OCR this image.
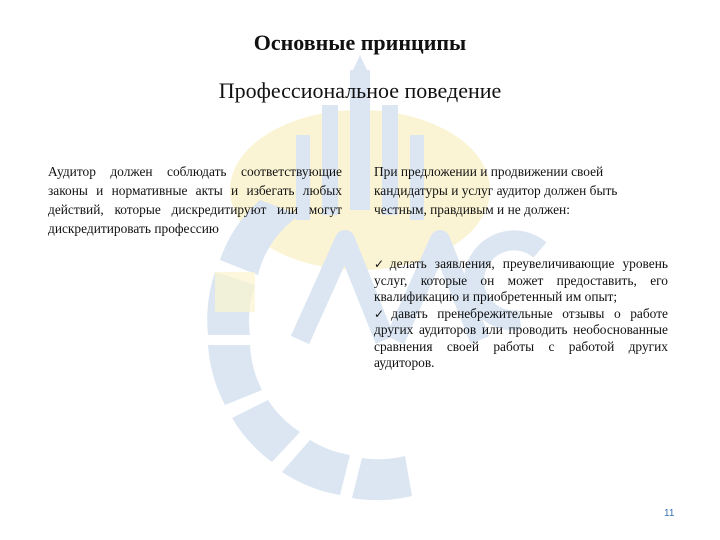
Основные принципы
Профессиональное поведение
Аудитор должен соблюдать соответствующие законы и нормативные акты и избегать любых действий, которые дискредитируют или могут дискредитировать профессию
При предложении и продвижении своей кандидатуры и услуг аудитор должен быть честным, правдивым и не должен:

✓делать заявления, преувеличивающие уровень услуг, которые он может предоставить, его квалификацию и приобретенный им опыт;

✓давать пренебрежительные отзывы о работе других аудиторов или проводить необоснованные сравнения своей работы с работой других аудиторов.

11
